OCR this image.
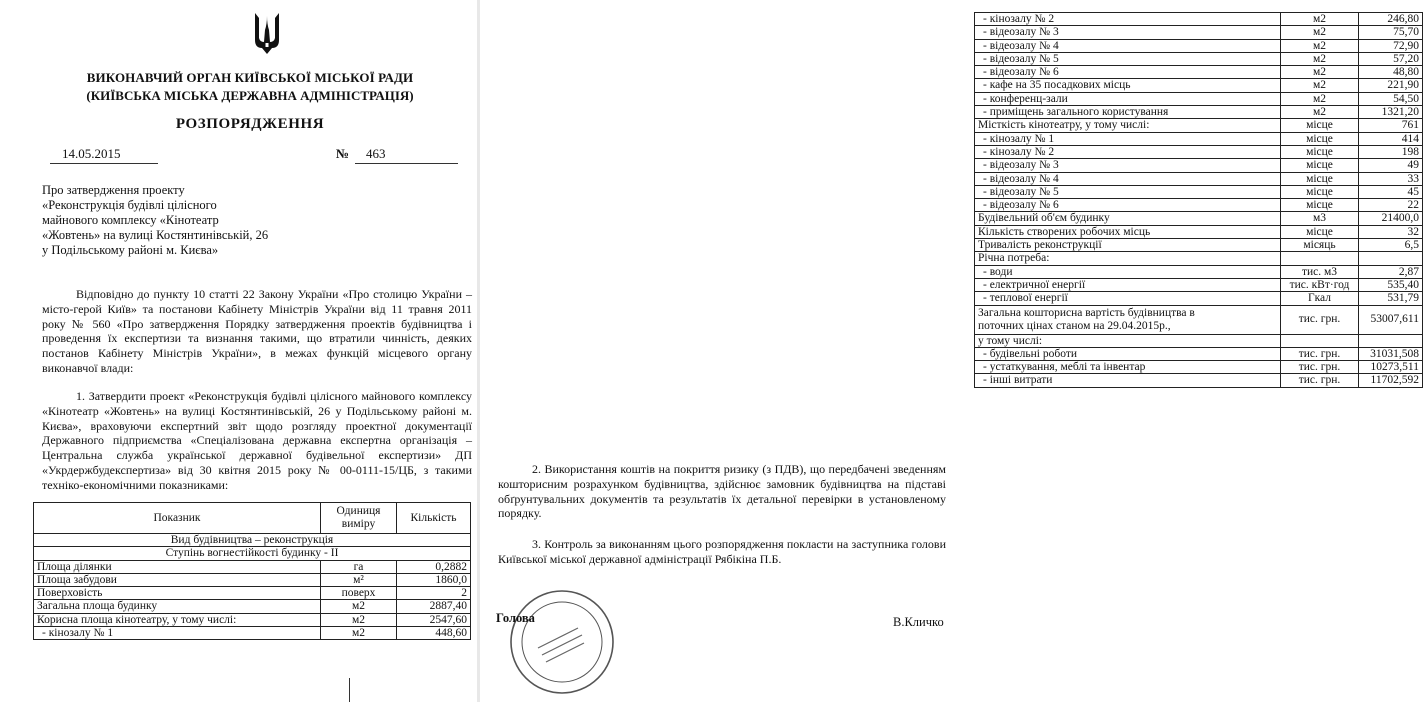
ВИКОНАВЧИЙ ОРГАН КИЇВСЬКОЇ МІСЬКОЇ РАДИ
(КИЇВСЬКА МІСЬКА ДЕРЖАВНА АДМІНІСТРАЦІЯ)
РОЗПОРЯДЖЕННЯ
14.05.2015	№ 463
Про затвердження проекту
«Реконструкція будівлі цілісного
майнового комплексу «Кінотеатр
«Жовтень» на вулиці Костянтинівській, 26
у Подільському районі м. Києва»

Відповідно до пункту 10 статті 22 Закону України «Про столицю України – місто-герой Київ» та постанови Кабінету Міністрів України від 11 травня 2011 року № 560 «Про затвердження Порядку затвердження проектів будівництва і проведення їх експертизи та визнання такими, що втратили чинність, деяких постанов Кабінету Міністрів України», в межах функцій місцевого органу виконавчої влади:

1. Затвердити проект «Реконструкція будівлі цілісного майнового комплексу «Кінотеатр «Жовтень» на вулиці Костянтинівській, 26 у Подільському районі м. Києва», враховуючи експертний звіт щодо розгляду проектної документації Державного підприємства «Спеціалізована державна експертна організація – Центральна служба української державної будівельної експертизи» ДП «Укрдержбудекспертиза» від 30 квітня 2015 року № 00-0111-15/ЦБ, з такими техніко-економічними показниками:

Показник	Одиниця виміру	Кількість
Вид будівництва – реконструкція		
Ступінь вогнестійкості будинку - ІІ		
Площа ділянки	га	0,2882
Площа забудови	м²	1860,0
Поверховість	поверх	2
Загальна площа будинку	м2	2887,40
Корисна площа кінотеатру, у тому числі:	м2	2547,60
- кінозалу № 1	м2	448,60
- кінозалу № 2	м2	246,80
- відеозалу № 3	м2	75,70
- відеозалу № 4	м2	72,90
- відеозалу № 5	м2	57,20
- відеозалу № 6	м2	48,80
- кафе на 35 посадкових місць	м2	221,90
- конференц-зали	м2	54,50
- приміщень загального користування	м2	1321,20
Місткість кінотеатру, у тому числі:	місце	761
- кінозалу № 1	місце	414
- кінозалу № 2	місце	198
- відеозалу № 3	місце	49
- відеозалу № 4	місце	33
- відеозалу № 5	місце	45
- відеозалу № 6	місце	22
Будівельний об'єм будинку	м3	21400,0
Кількість створених робочих місць	місце	32
Тривалість реконструкції	місяць	6,5
Річна потреба:		
- води	тис. м3	2,87
- електричної енергії	тис. кВт·год	535,40
- теплової енергії	Гкал	531,79

Загальна кошторисна вартість будівництва в
поточних цінах станом на 29.04.2015р.,	тис. грн.	53007,611
у тому числі:		
- будівельні роботи	тис. грн.	31031,508
- устаткування, меблі та інвентар	тис. грн.	10273,511
- інші витрати	тис. грн.	11702,592

2. Використання коштів на покриття ризику (з ПДВ), що передбачені зведенням кошторисним розрахунком будівництва, здійснює замовник будівництва на підставі обґрунтувальних документів та результатів їх детальної перевірки в установленому порядку.

3. Контроль за виконанням цього розпорядження покласти на заступника голови Київської міської державної адміністрації Рябікіна П.Б.

Голова	В.Кличко
